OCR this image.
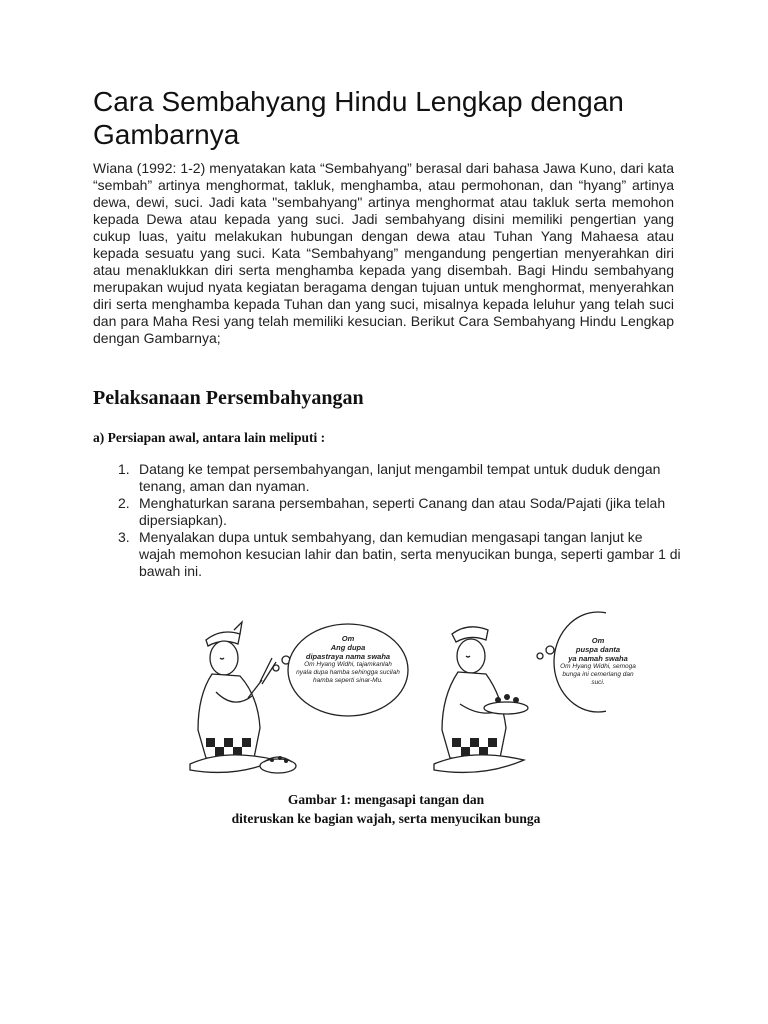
Cara Sembahyang Hindu Lengkap dengan Gambarnya

Wiana (1992: 1-2) menyatakan kata “Sembahyang” berasal dari bahasa Jawa Kuno, dari kata “sembah” artinya menghormat, takluk, menghamba, atau permohonan, dan “hyang” artinya dewa, dewi, suci. Jadi kata "sembahyang" artinya menghormat atau takluk serta memohon kepada Dewa atau kepada yang suci. Jadi sembahyang disini memiliki pengertian yang cukup luas, yaitu melakukan hubungan dengan dewa atau Tuhan Yang Mahaesa atau kepada sesuatu yang suci. Kata “Sembahyang” mengandung pengertian menyerahkan diri atau menaklukkan diri serta menghamba kepada yang disembah. Bagi Hindu sembahyang merupakan wujud nyata kegiatan beragama dengan tujuan untuk menghormat, menyerahkan diri serta menghamba kepada Tuhan dan yang suci, misalnya kepada leluhur yang telah suci dan para Maha Resi yang telah memiliki kesucian. Berikut Cara Sembahyang Hindu Lengkap dengan Gambarnya;

Pelaksanaan Persembahyangan

a) Persiapan awal, antara lain meliputi :

1. Datang ke tempat persembahyangan, lanjut mengambil tempat untuk duduk dengan tenang, aman dan nyaman.
2. Menghaturkan sarana persembahan, seperti Canang dan atau Soda/Pajati (jika telah dipersiapkan).
3. Menyalakan dupa untuk sembahyang, dan kemudian mengasapi tangan lanjut ke wajah memohon kesucian lahir dan batin, serta menyucikan bunga, seperti gambar 1 di bawah ini.
Om
Ang dupa
dipastraya nama swaha
Om Hyang Widhi, tajamkanlah nyala dupa hamba sehingga sucilah hamba seperti sinar-Mu.
Om
puspa danta
ya namah swaha
Om Hyang Widhi, semoga bunga ini cemerlang dan suci.
Gambar 1: mengasapi tangan dan
diteruskan ke bagian wajah, serta menyucikan bunga
